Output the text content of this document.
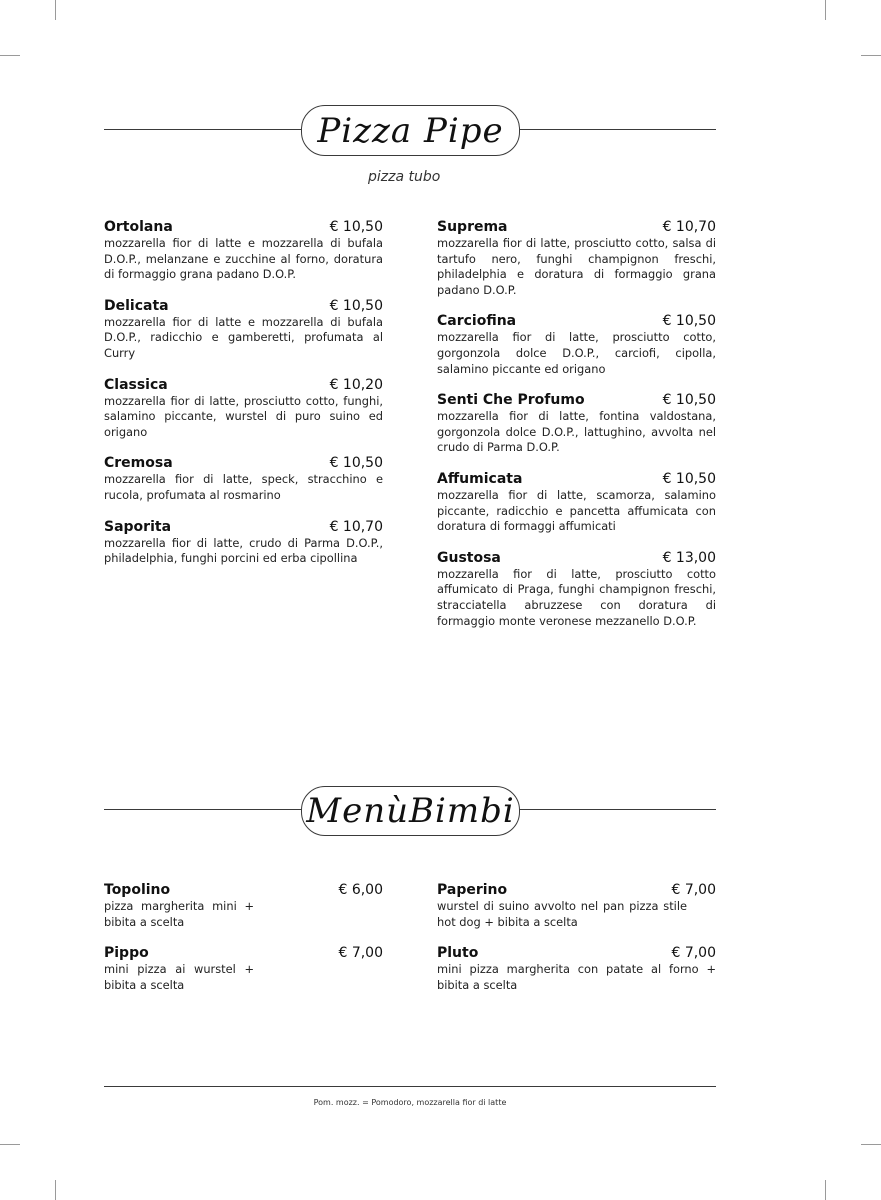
Pizza Pipe
pizza tubo
Ortolana	€ 10,50
mozzarella fior di latte e mozzarella di bufala D.O.P., melanzane e zucchine al forno, doratura di formaggio grana padano D.O.P.
Delicata	€ 10,50
mozzarella fior di latte e mozzarella di bufala D.O.P., radicchio e gamberetti, profumata al Curry
Classica	€ 10,20
mozzarella fior di latte, prosciutto cotto, funghi, salamino piccante, wurstel di puro suino ed origano
Cremosa	€ 10,50
mozzarella fior di latte, speck, stracchino e rucola, profumata al rosmarino
Saporita	€ 10,70
mozzarella fior di latte, crudo di Parma D.O.P., philadelphia, funghi porcini ed erba cipollina
Suprema	€ 10,70
mozzarella fior di latte, prosciutto cotto, salsa di tartufo nero, funghi champignon freschi, philadelphia e doratura di formaggio grana padano D.O.P.
Carciofina	€ 10,50
mozzarella fior di latte, prosciutto cotto, gorgonzola dolce D.O.P., carciofi, cipolla, salamino piccante ed origano
Senti Che Profumo	€ 10,50
mozzarella fior di latte, fontina valdostana, gorgonzola dolce D.O.P., lattughino, avvolta nel crudo di Parma D.O.P.
Affumicata	€ 10,50
mozzarella fior di latte, scamorza, salamino piccante, radicchio e pancetta affumicata con doratura di formaggi affumicati
Gustosa	€ 13,00
mozzarella fior di latte, prosciutto cotto affumicato di Praga, funghi champignon freschi, stracciatella abruzzese con doratura di formaggio monte veronese mezzanello D.O.P.
MenùBimbi
Topolino	€ 6,00
pizza margherita mini + bibita a scelta
Pippo	€ 7,00
mini pizza ai wurstel + bibita a scelta
Paperino	€ 7,00
wurstel di suino avvolto nel pan pizza stile hot dog + bibita a scelta
Pluto	€ 7,00
mini pizza margherita con patate al forno + bibita a scelta
Pom. mozz. = Pomodoro, mozzarella fior di latte
